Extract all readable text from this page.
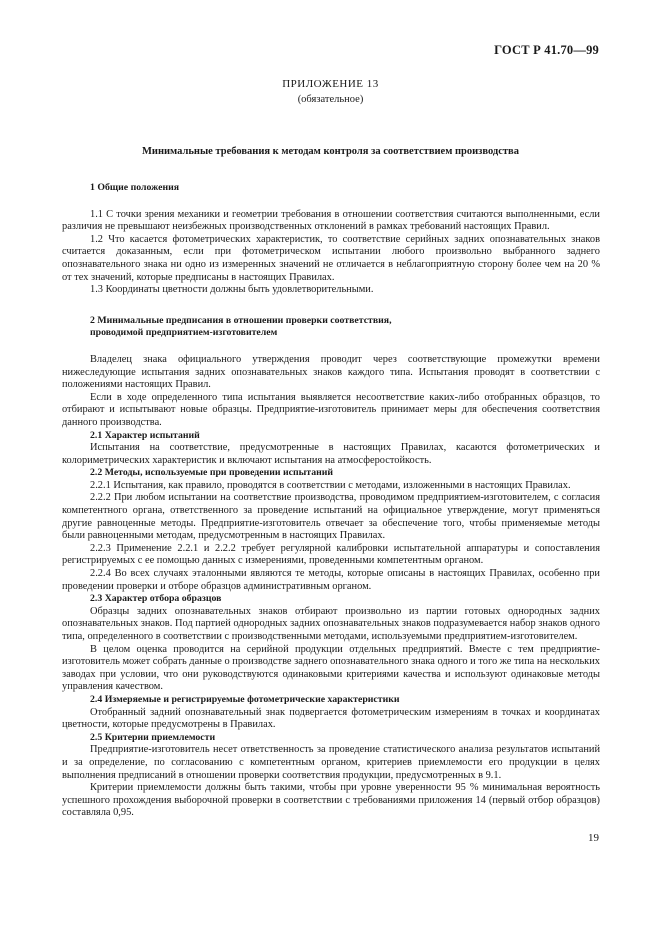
ГОСТ Р 41.70—99
ПРИЛОЖЕНИЕ 13
(обязательное)
Минимальные требования к методам контроля за соответствием производства
1 Общие положения

1.1 С точки зрения механики и геометрии требования в отношении соответствия считаются выполненными, если различия не превышают неизбежных производственных отклонений в рамках требований настоящих Правил.

1.2 Что касается фотометрических характеристик, то соответствие серийных задних опознавательных знаков считается доказанным, если при фотометрическом испытании любого произвольно выбранного заднего опознавательного знака ни одно из измеренных значений не отличается в неблагоприятную сторону более чем на 20 % от тех значений, которые предписаны в настоящих Правилах.

1.3 Координаты цветности должны быть удовлетворительными.

2 Минимальные предписания в отношении проверки соответствия,
проводимой предприятием-изготовителем

Владелец знака официального утверждения проводит через соответствующие промежутки времени нижеследующие испытания задних опознавательных знаков каждого типа. Испытания проводят в соответствии с положениями настоящих Правил.

Если в ходе определенного типа испытания выявляется несоответствие каких-либо отобранных образцов, то отбирают и испытывают новые образцы. Предприятие-изготовитель принимает меры для обеспечения соответствия данного производства.

2.1 Характер испытаний

Испытания на соответствие, предусмотренные в настоящих Правилах, касаются фотометрических и колориметрических характеристик и включают испытания на атмосферостойкость.

2.2 Методы, используемые при проведении испытаний

2.2.1 Испытания, как правило, проводятся в соответствии с методами, изложенными в настоящих Правилах.

2.2.2 При любом испытании на соответствие производства, проводимом предприятием-изготовителем, с согласия компетентного органа, ответственного за проведение испытаний на официальное утверждение, могут применяться другие равноценные методы. Предприятие-изготовитель отвечает за обеспечение того, чтобы применяемые методы были равноценными методам, предусмотренным в настоящих Правилах.

2.2.3 Применение 2.2.1 и 2.2.2 требует регулярной калибровки испытательной аппаратуры и сопоставления регистрируемых с ее помощью данных с измерениями, проведенными компетентным органом.

2.2.4 Во всех случаях эталонными являются те методы, которые описаны в настоящих Правилах, особенно при проведении проверки и отборе образцов административным органом.

2.3 Характер отбора образцов

Образцы задних опознавательных знаков отбирают произвольно из партии готовых однородных задних опознавательных знаков. Под партией однородных задних опознавательных знаков подразумевается набор знаков одного типа, определенного в соответствии с производственными методами, используемыми предприятием-изготовителем.

В целом оценка проводится на серийной продукции отдельных предприятий. Вместе с тем предприятие-изготовитель может собрать данные о производстве заднего опознавательного знака одного и того же типа на нескольких заводах при условии, что они руководствуются одинаковыми критериями качества и используют одинаковые методы управления качеством.

2.4 Измеряемые и регистрируемые фотометрические характеристики

Отобранный задний опознавательный знак подвергается фотометрическим измерениям в точках и координатах цветности, которые предусмотрены в Правилах.

2.5 Критерии приемлемости

Предприятие-изготовитель несет ответственность за проведение статистического анализа результатов испытаний и за определение, по согласованию с компетентным органом, критериев приемлемости его продукции в целях выполнения предписаний в отношении проверки соответствия продукции, предусмотренных в 9.1.

Критерии приемлемости должны быть такими, чтобы при уровне уверенности 95 % минимальная вероятность успешного прохождения выборочной проверки в соответствии с требованиями приложения 14 (первый отбор образцов) составляла 0,95.

19
